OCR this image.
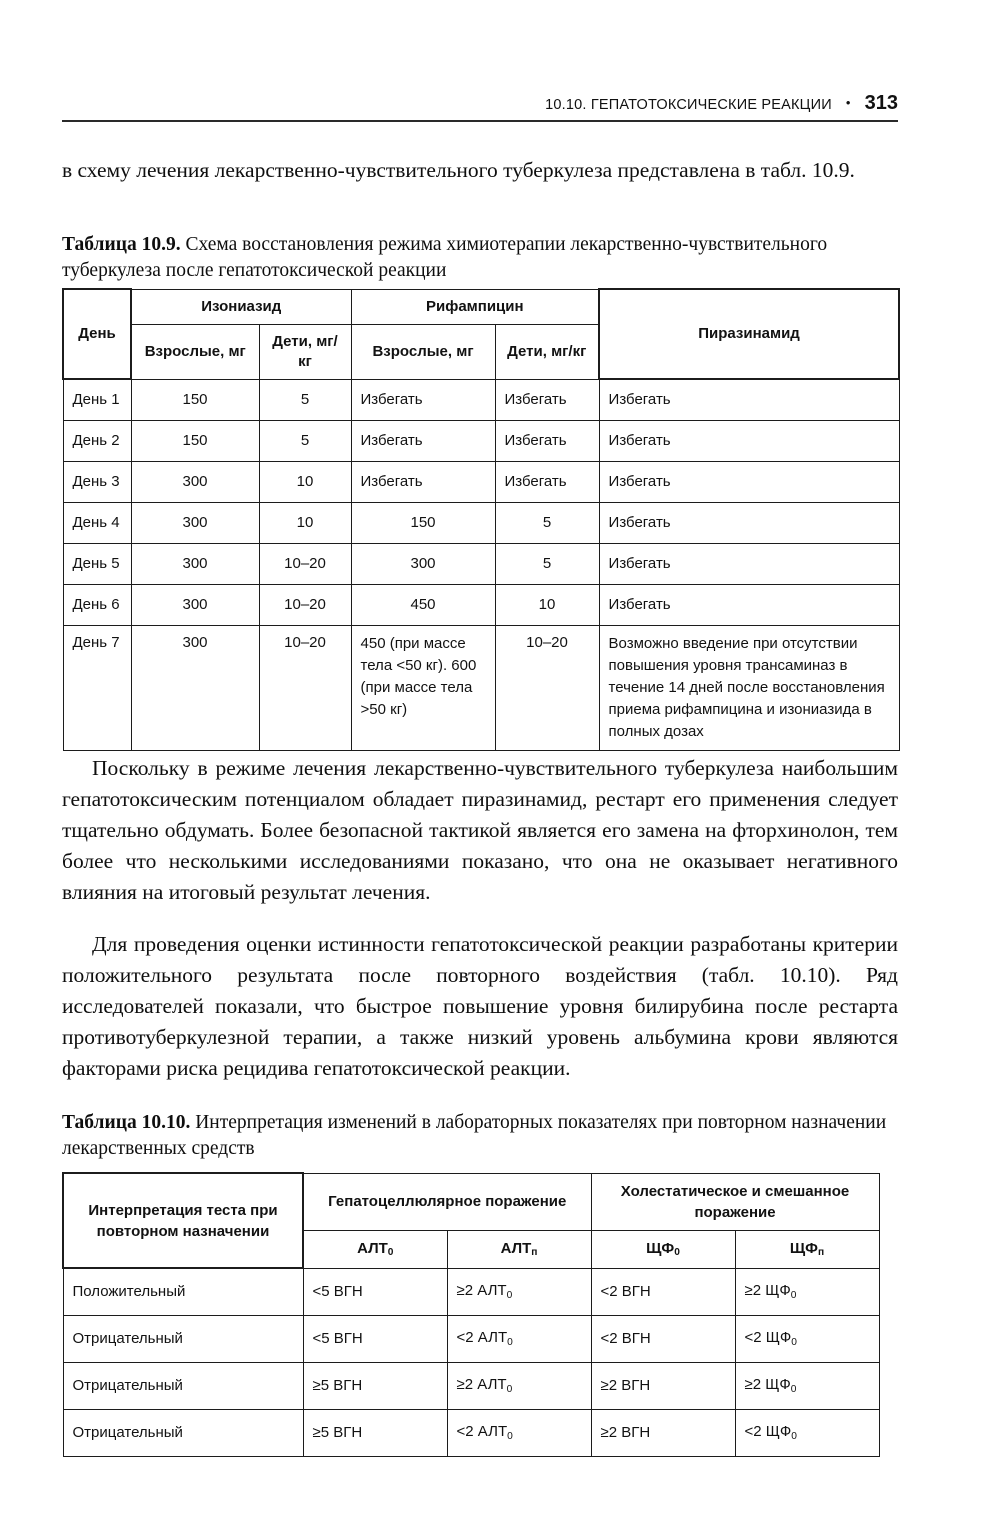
10.10. ГЕПАТОТОКСИЧЕСКИЕ РЕАКЦИИ	• 313
в схему лечения лекарственно-чувствительного туберкулеза представлена в табл. 10.9.
Таблица 10.9. Схема восстановления режима химиотерапии лекарственно-чувствительного туберкулеза после гепатотоксической реакции
День	Изониазид		Рифампицин		Пиразинамид
	Взрослые, мг	Дети, мг/кг	Взрослые, мг	Дети, мг/кг	
День 1	150	5	Избегать	Избегать	Избегать
День 2	150	5	Избегать	Избегать	Избегать
День 3	300	10	Избегать	Избегать	Избегать
День 4	300	10	150	5	Избегать
День 5	300	10–20	300	5	Избегать
День 6	300	10–20	450	10	Избегать
День 7	300	10–20	450 (при массе тела <50 кг). 600 (при массе тела >50 кг)	10–20	Возможно введение при отсутствии повышения уровня трансаминаз в течение 14 дней после восстановления приема рифампицина и изониазида в полных дозах
Поскольку в режиме лечения лекарственно-чувствительного туберкулеза наибольшим гепатотоксическим потенциалом обладает пиразинамид, рестарт его применения следует тщательно обдумать. Более безопасной тактикой является его замена на фторхинолон, тем более что несколькими исследованиями показано, что она не оказывает негативного влияния на итоговый результат лечения.
Для проведения оценки истинности гепатотоксической реакции разработаны критерии положительного результата после повторного воздействия (табл. 10.10). Ряд исследователей показали, что быстрое повышение уровня билирубина после рестарта противотуберкулезной терапии, а также низкий уровень альбумина крови являются факторами риска рецидива гепатотоксической реакции.
Таблица 10.10. Интерпретация изменений в лабораторных показателях при повторном назначении лекарственных средств
Интерпретация теста при повторном назначении	Гепатоцеллюлярное поражение		Холестатическое и смешанное поражение	
	$АЛТ_0$	$АЛТ_п$	$ЩФ_0$	$ЩФ_п$
Положительный	<5 ВГН	≥2 $АЛТ_0$	<2 ВГН	≥2 $ЩФ_0$
Отрицательный	<5 ВГН	<2 $АЛТ_0$	<2 ВГН	<2 $ЩФ_0$
Отрицательный	≥5 ВГН	≥2 $АЛТ_0$	≥2 ВГН	≥2 $ЩФ_0$
Отрицательный	≥5 ВГН	<2 $АЛТ_0$	≥2 ВГН	<2 $ЩФ_0$
